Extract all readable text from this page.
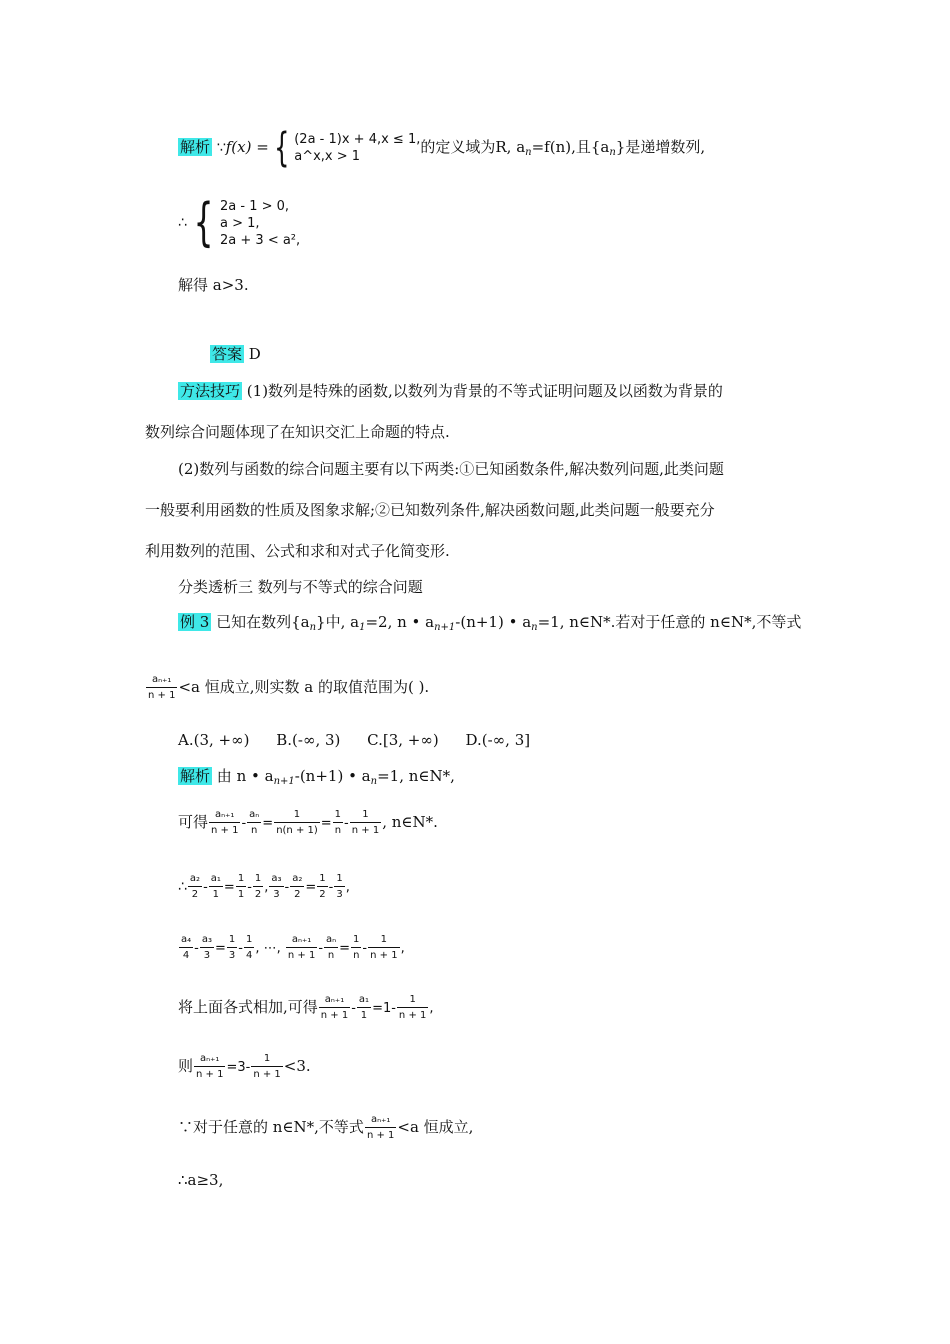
解析 ∵f(x) = { (2a - 1)x + 4,x ≤ 1,
a^x,x > 1的定义域为R, $a_n=f(n)$,且$\{a_n\}$是递增数列,
∴ { 2a - 1 > 0,
a > 1,
2a + 3 < a²,
解得 a>3.
答案 D
方法技巧 (1)数列是特殊的函数,以数列为背景的不等式证明问题及以函数为背景的
数列综合问题体现了在知识交汇上命题的特点.
(2)数列与函数的综合问题主要有以下两类:①已知函数条件,解决数列问题,此类问题
一般要利用函数的性质及图象求解;②已知数列条件,解决函数问题,此类问题一般要充分
利用数列的范围、公式和求和对式子化简变形.
分类透析三 数列与不等式的综合问题
例 3 已知在数列$\{a_n\}$中, $a_1=2$, n • $a_{n+1}-(n+1)$ • $a_n=1$, n∈N*.若对于任意的 n∈N*,不等式
$\frac{\text{aₙ₊₁}}{n + 1} <a$ 恒成立,则实数 a 的取值范围为( ).
A.(3, +∞) B.(-∞, 3) C.[3, +∞) D.(-∞, 3]
解析 由 n • $a_{n+1}-(n+1)$ • $a_n=1$, n∈N*,
可得 $\frac{\text{aₙ₊₁}}{n + 1} - \frac{\text{aₙ}}{n} = \frac{1}{n(n + 1)} = \frac{1}{n} - \frac{1}{n + 1}$ , n∈N*.
∴ $\frac{\text{a₂}}{2} - \frac{\text{a₁}}{1} = \frac{1}{1} - \frac{1}{2}$ , $\frac{\text{a₃}}{3} - \frac{\text{a₂}}{2} = \frac{1}{2} - \frac{1}{3}$ ,
$\frac{\text{a₄}}{4} - \frac{\text{a₃}}{3} = \frac{1}{3} - \frac{1}{4}$ , ⋯, $\frac{\text{aₙ₊₁}}{n + 1} - \frac{\text{aₙ}}{n} = \frac{1}{n} - \frac{1}{n + 1}$ ,
将上面各式相加,可得 $\frac{\text{aₙ₊₁}}{n + 1} - \frac{\text{a₁}}{1} =1- \frac{1}{n + 1}$ ,
则 $\frac{\text{aₙ₊₁}}{n + 1} =3- \frac{1}{n + 1} <3$.
∵对于任意的 n∈N*,不等式 $\frac{\text{aₙ₊₁}}{n + 1} <a$ 恒成立,
∴a≥3,
